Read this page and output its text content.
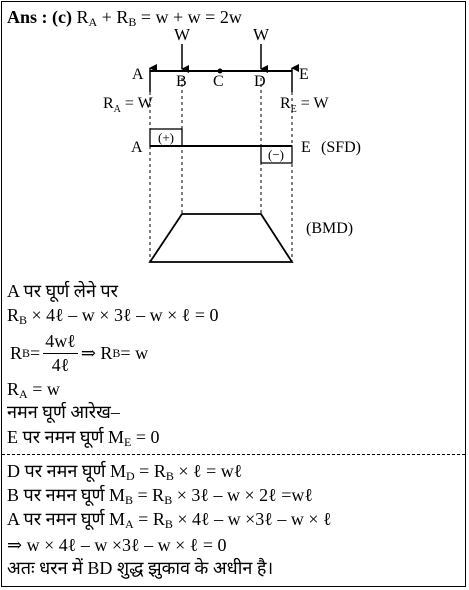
Ans : (c) $R_A + R_B = w + w = 2w$
W	W
A B C D E
$R_A = W$	$R_E = W$
(+)
(−)
A	E (SFD)
(BMD)
A पर घूर्ण लेने पर
$R_B$ × 4ℓ – w × 3ℓ – w × ℓ = 0
R $B = \frac{\text{4wℓ}}{\text{4ℓ}}$ ⇒ R B = w
$R_A = w$
नमन घूर्ण आरेख–
E पर नमन घूर्ण $M_E = 0$
D पर नमन घूर्ण $M_D = R_B$ × ℓ = wℓ
B पर नमन घूर्ण $M_B = R_B$ × 3ℓ – w × 2ℓ =wℓ
A पर नमन घूर्ण $M_A = R_B$ × 4ℓ – w ×3ℓ – w × ℓ
⇒ w × 4ℓ – w ×3ℓ – w × ℓ = 0
अतः धरन में BD शुद्ध झुकाव के अधीन है।
